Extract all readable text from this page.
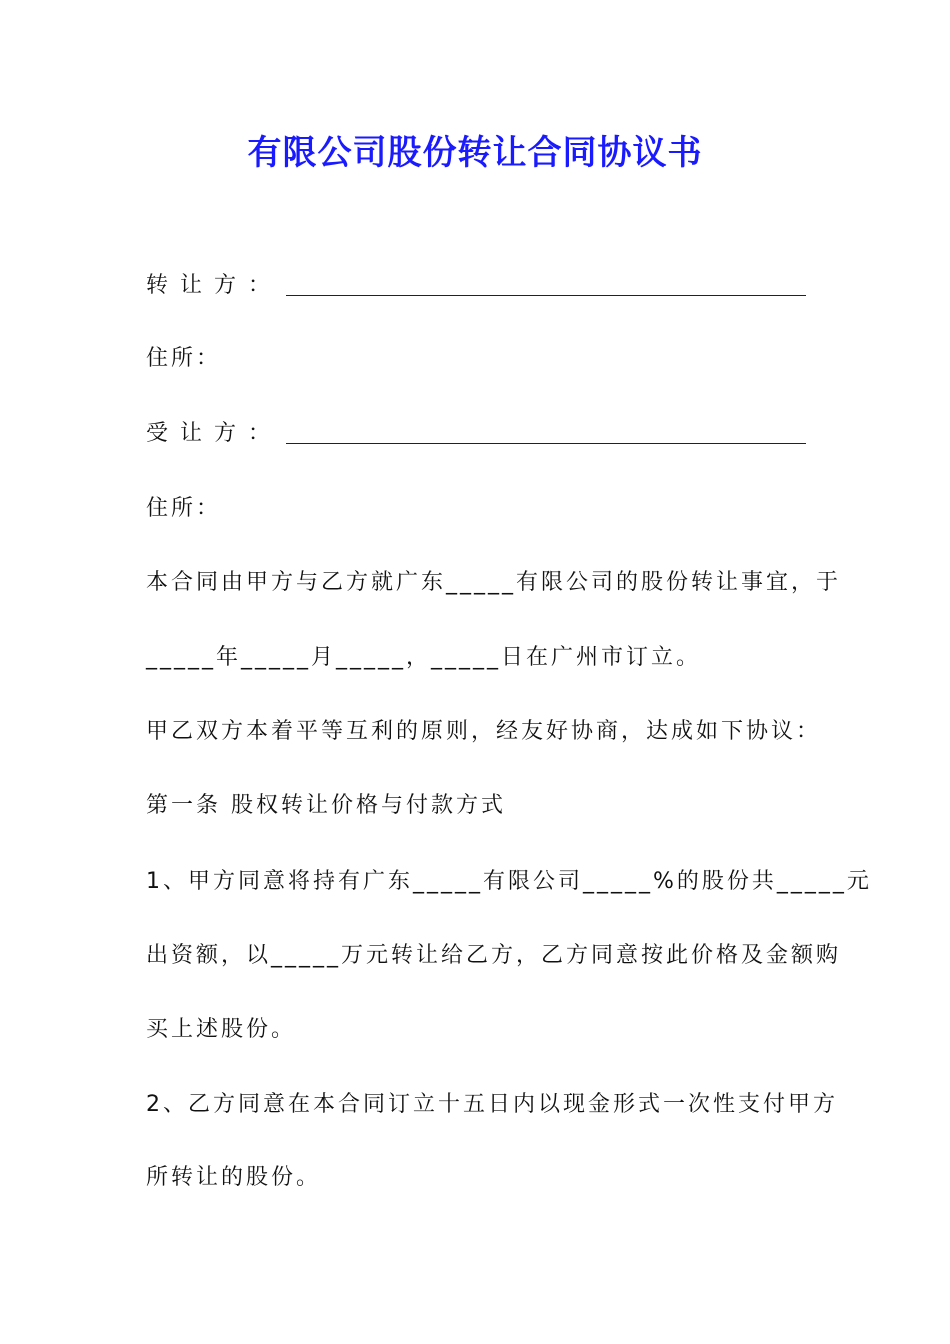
有限公司股份转让合同协议书
转让方：
住所：
受让方：
住所：
本合同由甲方与乙方就广东_____有限公司的股份转让事宜，于
_____年_____月_____，_____日在广州市订立。
甲乙双方本着平等互利的原则，经友好协商，达成如下协议：
第一条 股权转让价格与付款方式
1、甲方同意将持有广东_____有限公司_____%的股份共_____元
出资额，以_____万元转让给乙方，乙方同意按此价格及金额购
买上述股份。
2、乙方同意在本合同订立十五日内以现金形式一次性支付甲方
所转让的股份。
